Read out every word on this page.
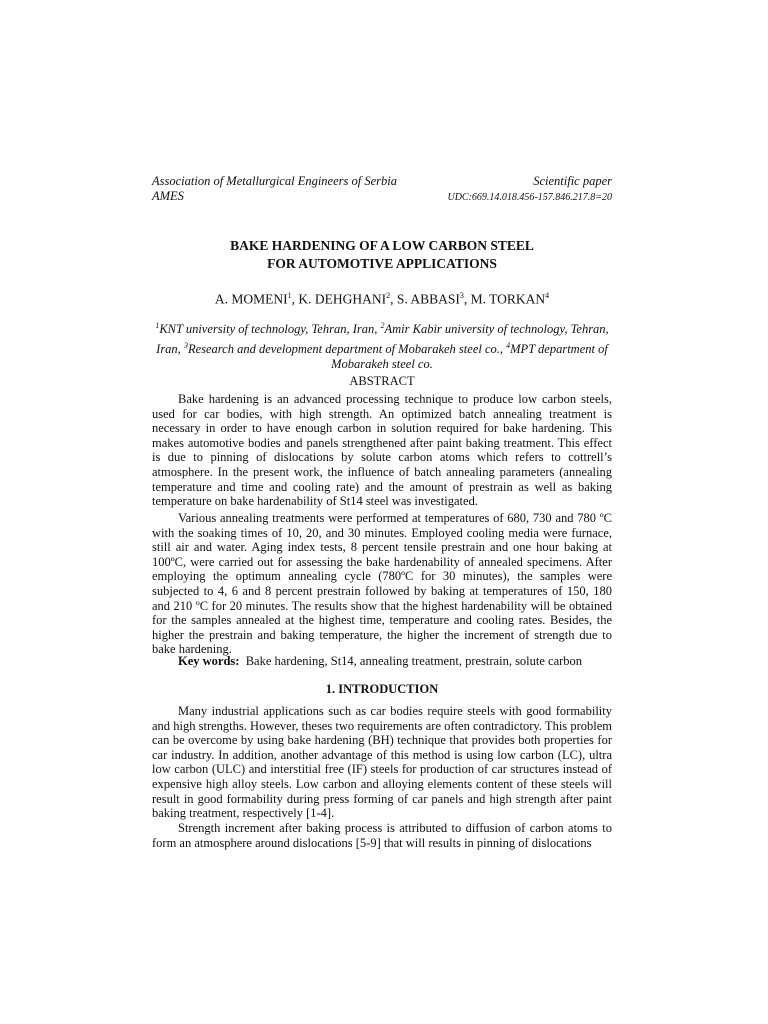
Association of Metallurgical Engineers of Serbia	Scientific paper
AMES	UDC:669.14.018.456-157.846.217.8=20
BAKE HARDENING OF A LOW CARBON STEEL
FOR AUTOMOTIVE APPLICATIONS
A. MOMENI$^1$, K. DEHGHANI$^2$, S. ABBASI$^3$, M. TORKAN$^4$
$^1$KNT university of technology, Tehran, Iran, $^2$Amir Kabir university of technology, Tehran, Iran, $^3$Research and development department of Mobarakeh steel co., $^4$MPT department of Mobarakeh steel co.
ABSTRACT

Bake hardening is an advanced processing technique to produce low carbon steels, used for car bodies, with high strength. An optimized batch annealing treatment is necessary in order to have enough carbon in solution required for bake hardening. This makes automotive bodies and panels strengthened after paint baking treatment. This effect is due to pinning of dislocations by solute carbon atoms which refers to cottrell’s atmosphere. In the present work, the influence of batch annealing parameters (annealing temperature and time and cooling rate) and the amount of prestrain as well as baking temperature on bake hardenability of St14 steel was investigated.

Various annealing treatments were performed at temperatures of 680, 730 and 780 ºC with the soaking times of 10, 20, and 30 minutes. Employed cooling media were furnace, still air and water. Aging index tests, 8 percent tensile prestrain and one hour baking at 100ºC, were carried out for assessing the bake hardenability of annealed specimens. After employing the optimum annealing cycle (780ºC for 30 minutes), the samples were subjected to 4, 6 and 8 percent prestrain followed by baking at temperatures of 150, 180 and 210 ºC for 20 minutes. The results show that the highest hardenability will be obtained for the samples annealed at the highest time, temperature and cooling rates. Besides, the higher the prestrain and baking temperature, the higher the increment of strength due to bake hardening.

Key words: Bake hardening, St14, annealing treatment, prestrain, solute carbon

1. INTRODUCTION

Many industrial applications such as car bodies require steels with good formability and high strengths. However, theses two requirements are often contradictory. This problem can be overcome by using bake hardening (BH) technique that provides both properties for car industry. In addition, another advantage of this method is using low carbon (LC), ultra low carbon (ULC) and interstitial free (IF) steels for production of car structures instead of expensive high alloy steels. Low carbon and alloying elements content of these steels will result in good formability during press forming of car panels and high strength after paint baking treatment, respectively [1-4].

Strength increment after baking process is attributed to diffusion of carbon atoms to form an atmosphere around dislocations [5-9] that will results in pinning of dislocations
